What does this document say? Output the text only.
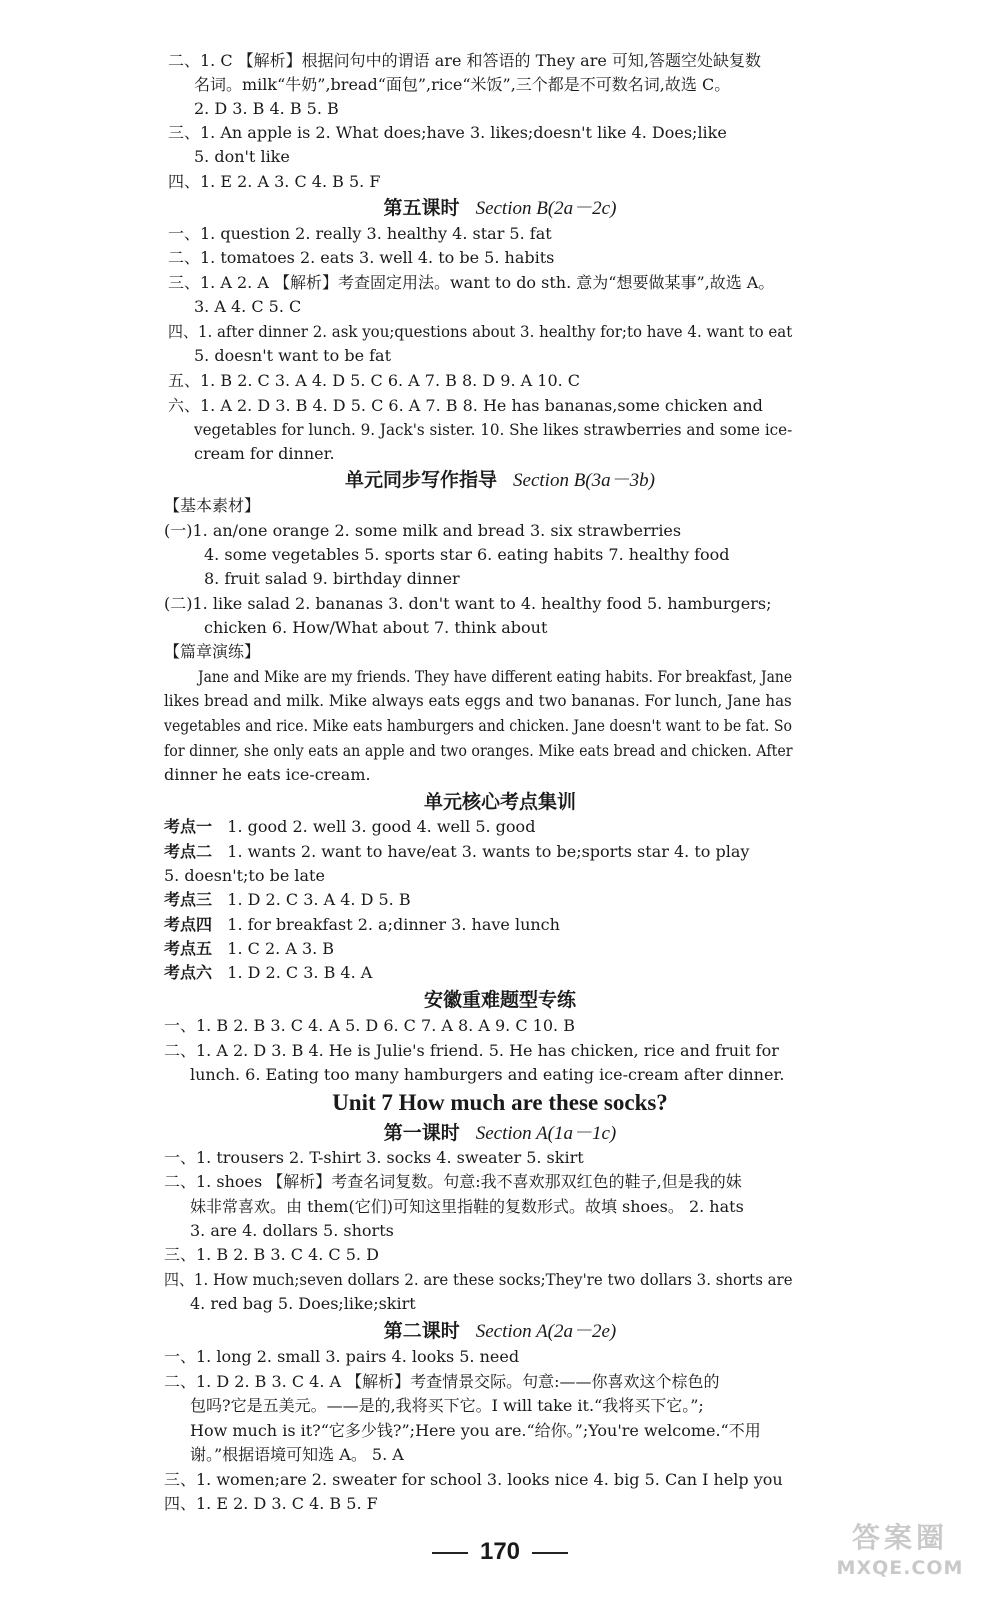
二、1. C 【解析】根据问句中的谓语 are 和答语的 They are 可知,答题空处缺复数
名词。milk“牛奶”,bread“面包”,rice“米饭”,三个都是不可数名词,故选 C。
2. D 3. B 4. B 5. B
三、1. An apple is 2. What does;have 3. likes;doesn't like 4. Does;like
5. don't like
四、1. E 2. A 3. C 4. B 5. F
第五课时 Section B(2a－2c)
一、1. question 2. really 3. healthy 4. star 5. fat
二、1. tomatoes 2. eats 3. well 4. to be 5. habits
三、1. A 2. A 【解析】考查固定用法。want to do sth. 意为“想要做某事”,故选 A。
3. A 4. C 5. C
四、1. after dinner 2. ask you;questions about 3. healthy for;to have 4. want to eat
5. doesn't want to be fat
五、1. B 2. C 3. A 4. D 5. C 6. A 7. B 8. D 9. A 10. C
六、1. A 2. D 3. B 4. D 5. C 6. A 7. B 8. He has bananas,some chicken and
vegetables for lunch. 9. Jack's sister. 10. She likes strawberries and some ice-
cream for dinner.
单元同步写作指导 Section B(3a－3b)
【基本素材】
(一)1. an/one orange 2. some milk and bread 3. six strawberries
4. some vegetables 5. sports star 6. eating habits 7. healthy food
8. fruit salad 9. birthday dinner
(二)1. like salad 2. bananas 3. don't want to 4. healthy food 5. hamburgers;
chicken 6. How/What about 7. think about
【篇章演练】
Jane and Mike are my friends. They have different eating habits. For breakfast, Jane
likes bread and milk. Mike always eats eggs and two bananas. For lunch, Jane has
vegetables and rice. Mike eats hamburgers and chicken. Jane doesn't want to be fat. So
for dinner, she only eats an apple and two oranges. Mike eats bread and chicken. After
dinner he eats ice-cream.
单元核心考点集训
考点一 1. good 2. well 3. good 4. well 5. good
考点二 1. wants 2. want to have/eat 3. wants to be;sports star 4. to play
5. doesn't;to be late
考点三 1. D 2. C 3. A 4. D 5. B
考点四 1. for breakfast 2. a;dinner 3. have lunch
考点五 1. C 2. A 3. B
考点六 1. D 2. C 3. B 4. A
安徽重难题型专练
一、1. B 2. B 3. C 4. A 5. D 6. C 7. A 8. A 9. C 10. B
二、1. A 2. D 3. B 4. He is Julie's friend. 5. He has chicken, rice and fruit for
lunch. 6. Eating too many hamburgers and eating ice-cream after dinner.
Unit 7 How much are these socks?
第一课时 Section A(1a－1c)
一、1. trousers 2. T-shirt 3. socks 4. sweater 5. skirt
二、1. shoes 【解析】考查名词复数。句意:我不喜欢那双红色的鞋子,但是我的妹
妹非常喜欢。由 them(它们)可知这里指鞋的复数形式。故填 shoes。 2. hats
3. are 4. dollars 5. shorts
三、1. B 2. B 3. C 4. C 5. D
四、1. How much;seven dollars 2. are these socks;They're two dollars 3. shorts are
4. red bag 5. Does;like;skirt
第二课时 Section A(2a－2e)
一、1. long 2. small 3. pairs 4. looks 5. need
二、1. D 2. B 3. C 4. A 【解析】考查情景交际。句意:——你喜欢这个棕色的
包吗?它是五美元。——是的,我将买下它。I will take it.“我将买下它。”;
How much is it?“它多少钱?”;Here you are.“给你。”;You're welcome.“不用
谢。”根据语境可知选 A。 5. A
三、1. women;are 2. sweater for school 3. looks nice 4. big 5. Can I help you
四、1. E 2. D 3. C 4. B 5. F
170	答案圈
MXQE.COM
